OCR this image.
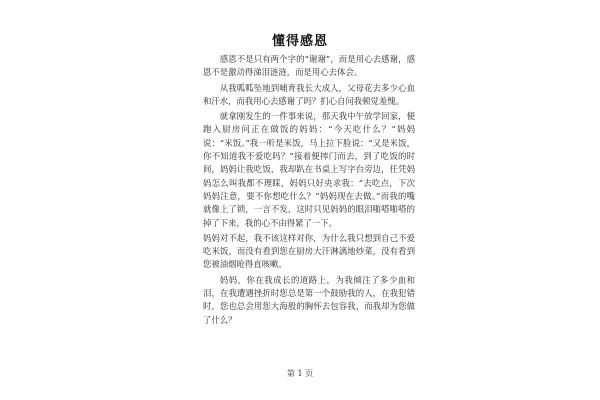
懂得感恩

感恩不是只有两个字的“谢谢”，而是用心去感谢，感恩不是激动得涕泪涟涟，而是用心去体会。

从我呱呱坠地到哺育我长大成人，父母花去多少心血和汗水，而我用心去感谢了吗？扪心自问我顿觉羞愧。

就拿刚发生的一件事来说，那天我中午放学回家，便跑入厨房问正在做饭的妈妈：“今天吃什么？”妈妈说：“米饭。”我一听是米饭，马上拉下脸说：“又是米饭，你不知道我不爱吃吗？”接着便摔门而去，到了吃饭的时间，妈妈让我吃饭，我却趴在书桌上写字台旁边，任凭妈妈怎么叫我都不理睬，妈妈只好央求我：“去吃点，下次妈妈注意，要不你想吃什么？”妈妈现在去做。”而我的嘴就像上了锁，一言不发，这时只见妈妈的眼泪啪嗒啪嗒的掉了下来，我的心不由得紧了一下。

妈妈对不起，我不该这样对你，为什么我只想到自己不爱吃米饭，而没有看到您在厨房大汗淋漓地炒菜，没有看到您被油烟呛得直咳嗽。

妈妈，你在我成长的道路上，为我倾注了多少血和泪，在我遭遇挫折时您总是第一个鼓励我的人，在我犯错时，您也总会用您大海般的胸怀去包容我，而我却为您做了什么？

第 1 页
